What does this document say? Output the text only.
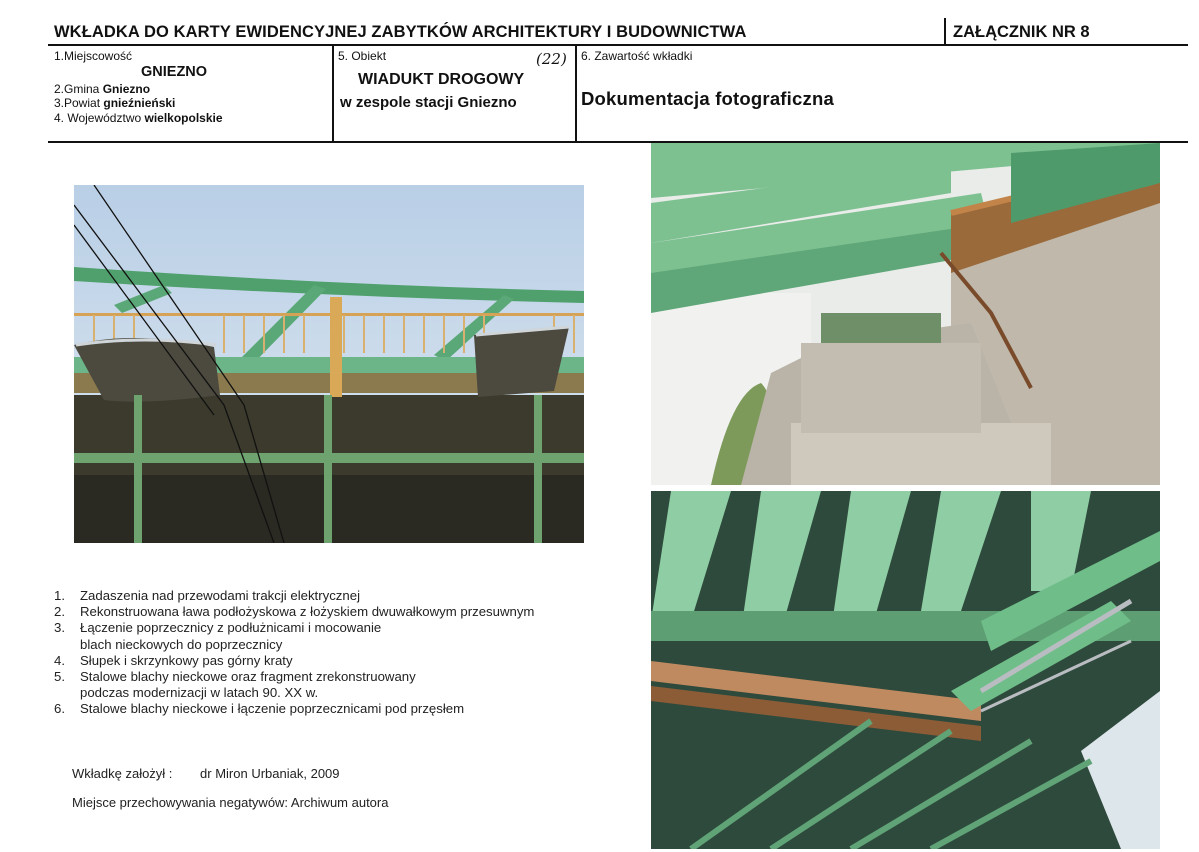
WKŁADKA DO KARTY EWIDENCYJNEJ ZABYTKÓW ARCHITEKTURY I BUDOWNICTWA	ZAŁĄCZNIK NR 8
1.Miejscowość
GNIEZNO
2.Gmina Gniezno
3.Powiat gnieźnieński
4. Województwo wielkopolskie
5. Obiekt	(22)
WIADUKT DROGOWY
w zespole stacji Gniezno
6. Zawartość wkładki
Dokumentacja fotograficzna
1. Zadaszenia nad przewodami trakcji elektrycznej
2. Rekonstruowana ława podłożyskowa z łożyskiem dwuwałkowym przesuwnym
3. Łączenie poprzecznicy z podłużnicami i mocowanie
blach nieckowych do poprzecznicy
4. Słupek i skrzynkowy pas górny kraty
5. Stalowe blachy nieckowe oraz fragment zrekonstruowany
podczas modernizacji w latach 90. XX w.
6. Stalowe blachy nieckowe i łączenie poprzecznicami pod przęsłem
Wkładkę założył : dr Miron Urbaniak, 2009
Miejsce przechowywania negatywów: Archiwum autora
